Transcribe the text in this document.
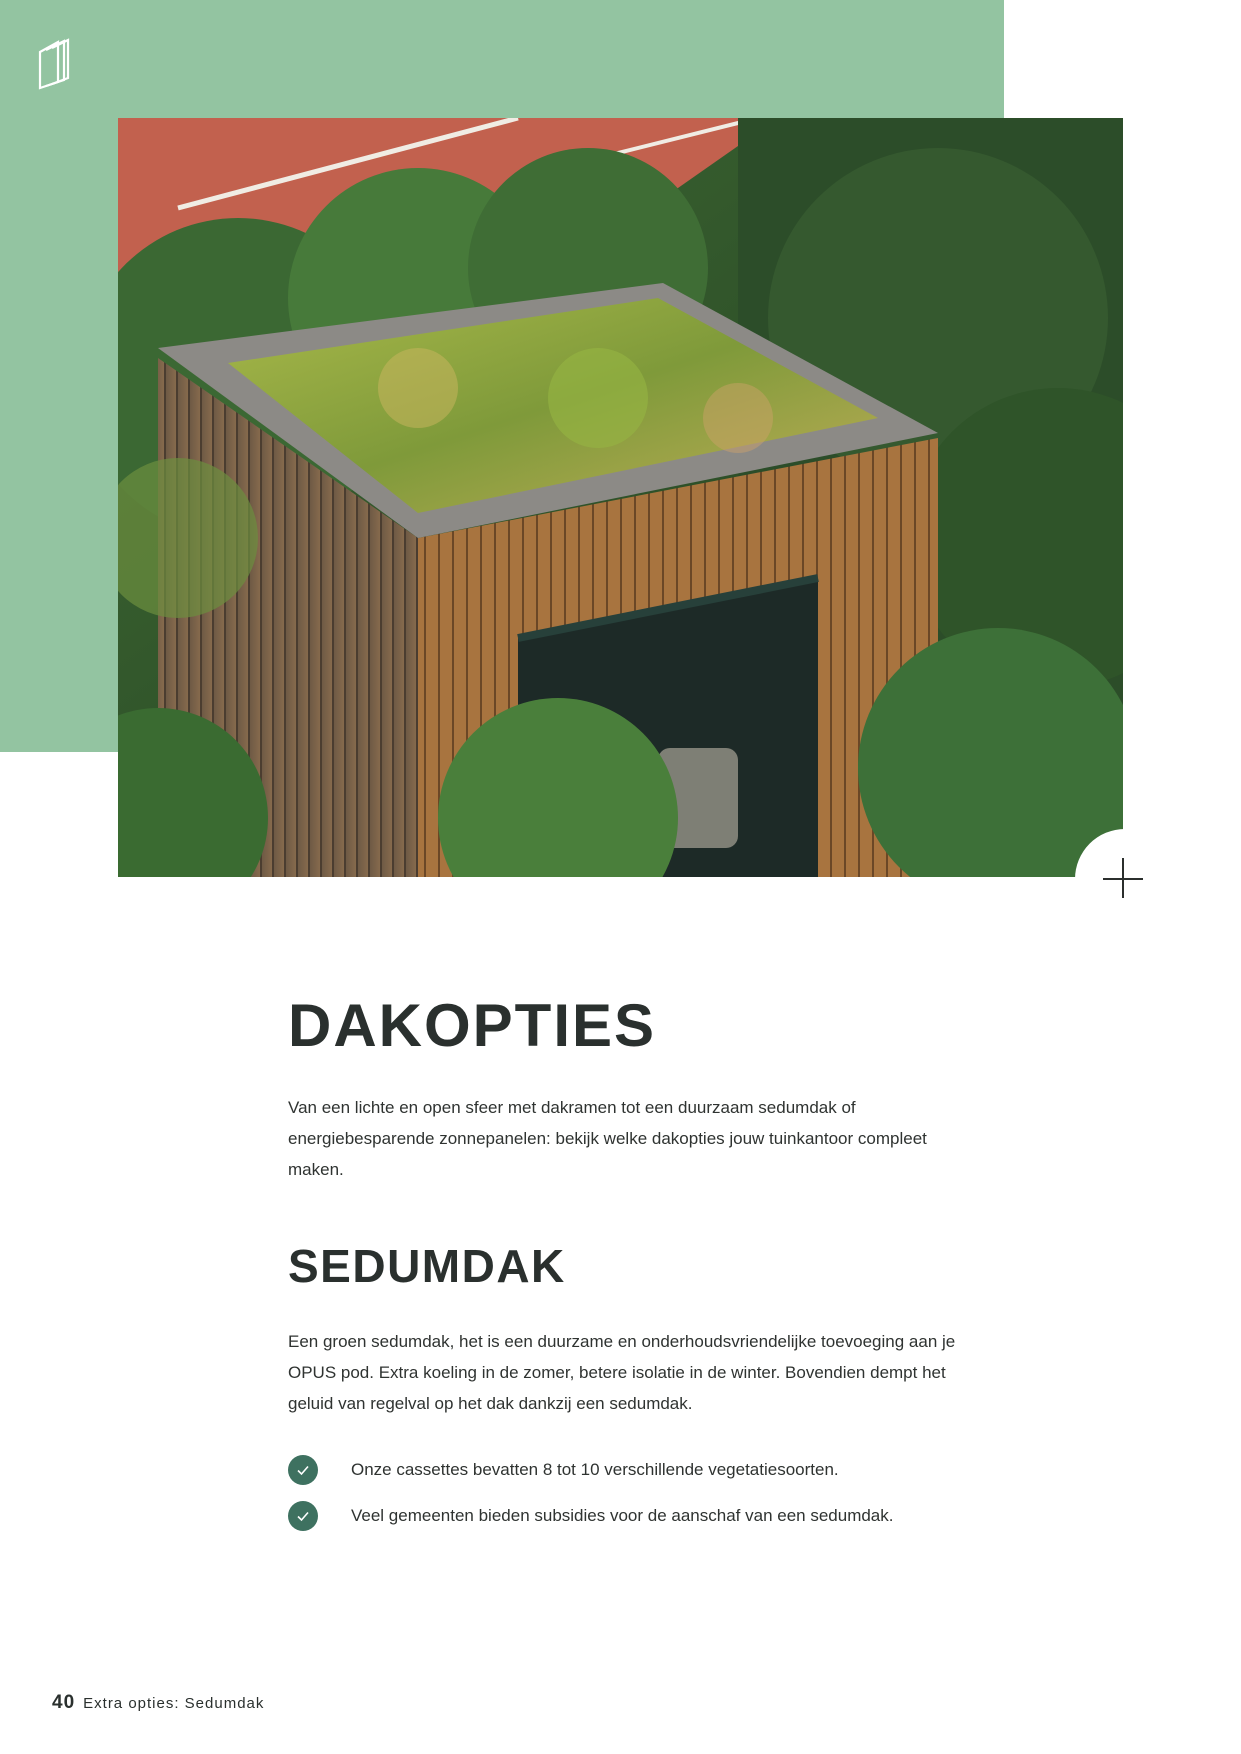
DAKOPTIES

Van een lichte en open sfeer met dakramen tot een duurzaam sedumdak of energiebesparende zonnepanelen: bekijk welke dakopties jouw tuinkantoor compleet maken.

SEDUMDAK

Een groen sedumdak, het is een duurzame en onderhoudsvriendelijke toevoeging aan je OPUS pod. Extra koeling in de zomer, betere isolatie in de winter. Bovendien dempt het geluid van regelval op het dak dankzij een sedumdak.

Onze cassettes bevatten 8 tot 10 verschillende vegetatiesoorten.
Veel gemeenten bieden subsidies voor de aanschaf van een sedumdak.
40 Extra opties: Sedumdak
